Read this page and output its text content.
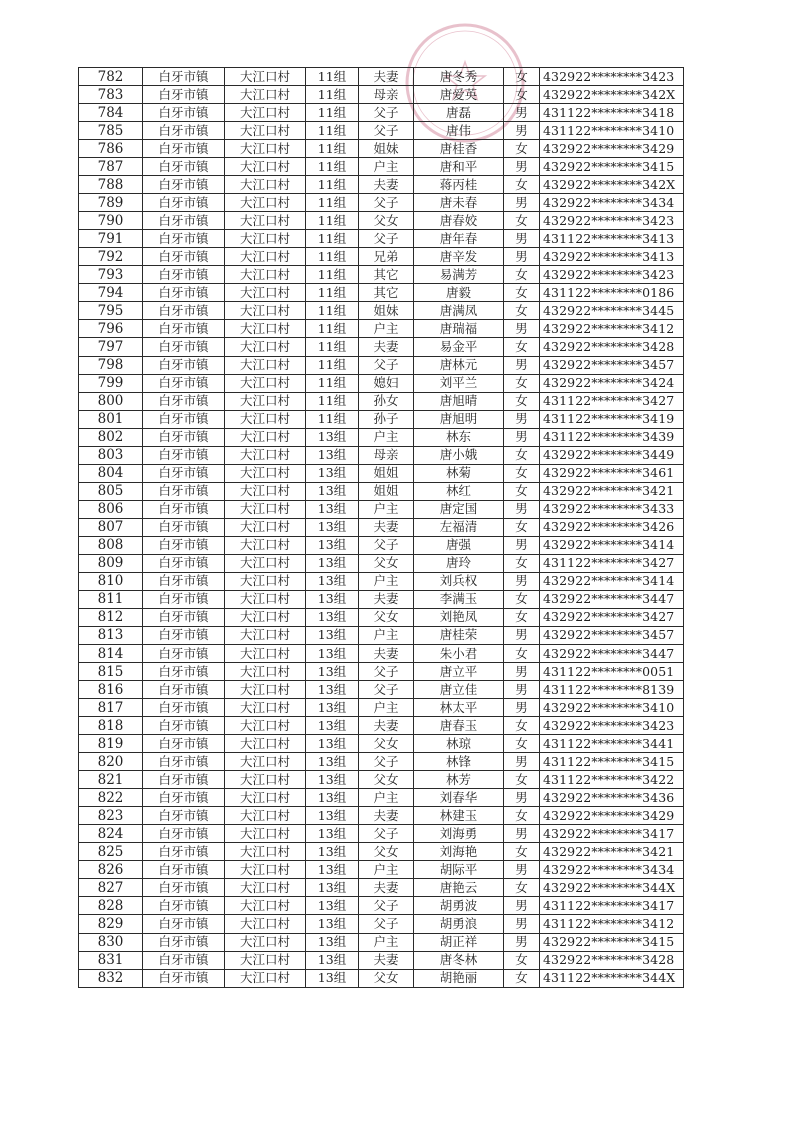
782	白牙市镇	大江口村	11组	夫妻	唐冬秀	女	432922********3423
783	白牙市镇	大江口村	11组	母亲	唐爱英	女	432922********342X
784	白牙市镇	大江口村	11组	父子	唐磊	男	431122********3418
785	白牙市镇	大江口村	11组	父子	唐伟	男	431122********3410
786	白牙市镇	大江口村	11组	姐妹	唐桂香	女	432922********3429
787	白牙市镇	大江口村	11组	户主	唐和平	男	432922********3415
788	白牙市镇	大江口村	11组	夫妻	蒋丙桂	女	432922********342X
789	白牙市镇	大江口村	11组	父子	唐未春	男	432922********3434
790	白牙市镇	大江口村	11组	父女	唐春姣	女	432922********3423
791	白牙市镇	大江口村	11组	父子	唐年春	男	431122********3413
792	白牙市镇	大江口村	11组	兄弟	唐辛发	男	432922********3413
793	白牙市镇	大江口村	11组	其它	易满芳	女	432922********3423
794	白牙市镇	大江口村	11组	其它	唐毅	女	431122********0186
795	白牙市镇	大江口村	11组	姐妹	唐满凤	女	432922********3445
796	白牙市镇	大江口村	11组	户主	唐瑞福	男	432922********3412
797	白牙市镇	大江口村	11组	夫妻	易金平	女	432922********3428
798	白牙市镇	大江口村	11组	父子	唐林元	男	432922********3457
799	白牙市镇	大江口村	11组	媳妇	刘平兰	女	432922********3424
800	白牙市镇	大江口村	11组	孙女	唐旭晴	女	431122********3427
801	白牙市镇	大江口村	11组	孙子	唐旭明	男	431122********3419
802	白牙市镇	大江口村	13组	户主	林东	男	431122********3439
803	白牙市镇	大江口村	13组	母亲	唐小娥	女	432922********3449
804	白牙市镇	大江口村	13组	姐姐	林菊	女	432922********3461
805	白牙市镇	大江口村	13组	姐姐	林红	女	432922********3421
806	白牙市镇	大江口村	13组	户主	唐定国	男	432922********3433
807	白牙市镇	大江口村	13组	夫妻	左福清	女	432922********3426
808	白牙市镇	大江口村	13组	父子	唐强	男	432922********3414
809	白牙市镇	大江口村	13组	父女	唐玲	女	431122********3427
810	白牙市镇	大江口村	13组	户主	刘兵权	男	432922********3414
811	白牙市镇	大江口村	13组	夫妻	李满玉	女	432922********3447
812	白牙市镇	大江口村	13组	父女	刘艳凤	女	432922********3427
813	白牙市镇	大江口村	13组	户主	唐桂荣	男	432922********3457
814	白牙市镇	大江口村	13组	夫妻	朱小君	女	432922********3447
815	白牙市镇	大江口村	13组	父子	唐立平	男	431122********0051
816	白牙市镇	大江口村	13组	父子	唐立佳	男	431122********8139
817	白牙市镇	大江口村	13组	户主	林太平	男	432922********3410
818	白牙市镇	大江口村	13组	夫妻	唐春玉	女	432922********3423
819	白牙市镇	大江口村	13组	父女	林琼	女	431122********3441
820	白牙市镇	大江口村	13组	父子	林锋	男	431122********3415
821	白牙市镇	大江口村	13组	父女	林芳	女	431122********3422
822	白牙市镇	大江口村	13组	户主	刘春华	男	432922********3436
823	白牙市镇	大江口村	13组	夫妻	林建玉	女	432922********3429
824	白牙市镇	大江口村	13组	父子	刘海勇	男	432922********3417
825	白牙市镇	大江口村	13组	父女	刘海艳	女	432922********3421
826	白牙市镇	大江口村	13组	户主	胡际平	男	432922********3434
827	白牙市镇	大江口村	13组	夫妻	唐艳云	女	432922********344X
828	白牙市镇	大江口村	13组	父子	胡勇波	男	431122********3417
829	白牙市镇	大江口村	13组	父子	胡勇浪	男	431122********3412
830	白牙市镇	大江口村	13组	户主	胡正祥	男	432922********3415
831	白牙市镇	大江口村	13组	夫妻	唐冬林	女	432922********3428
832	白牙市镇	大江口村	13组	父女	胡艳丽	女	431122********344X
